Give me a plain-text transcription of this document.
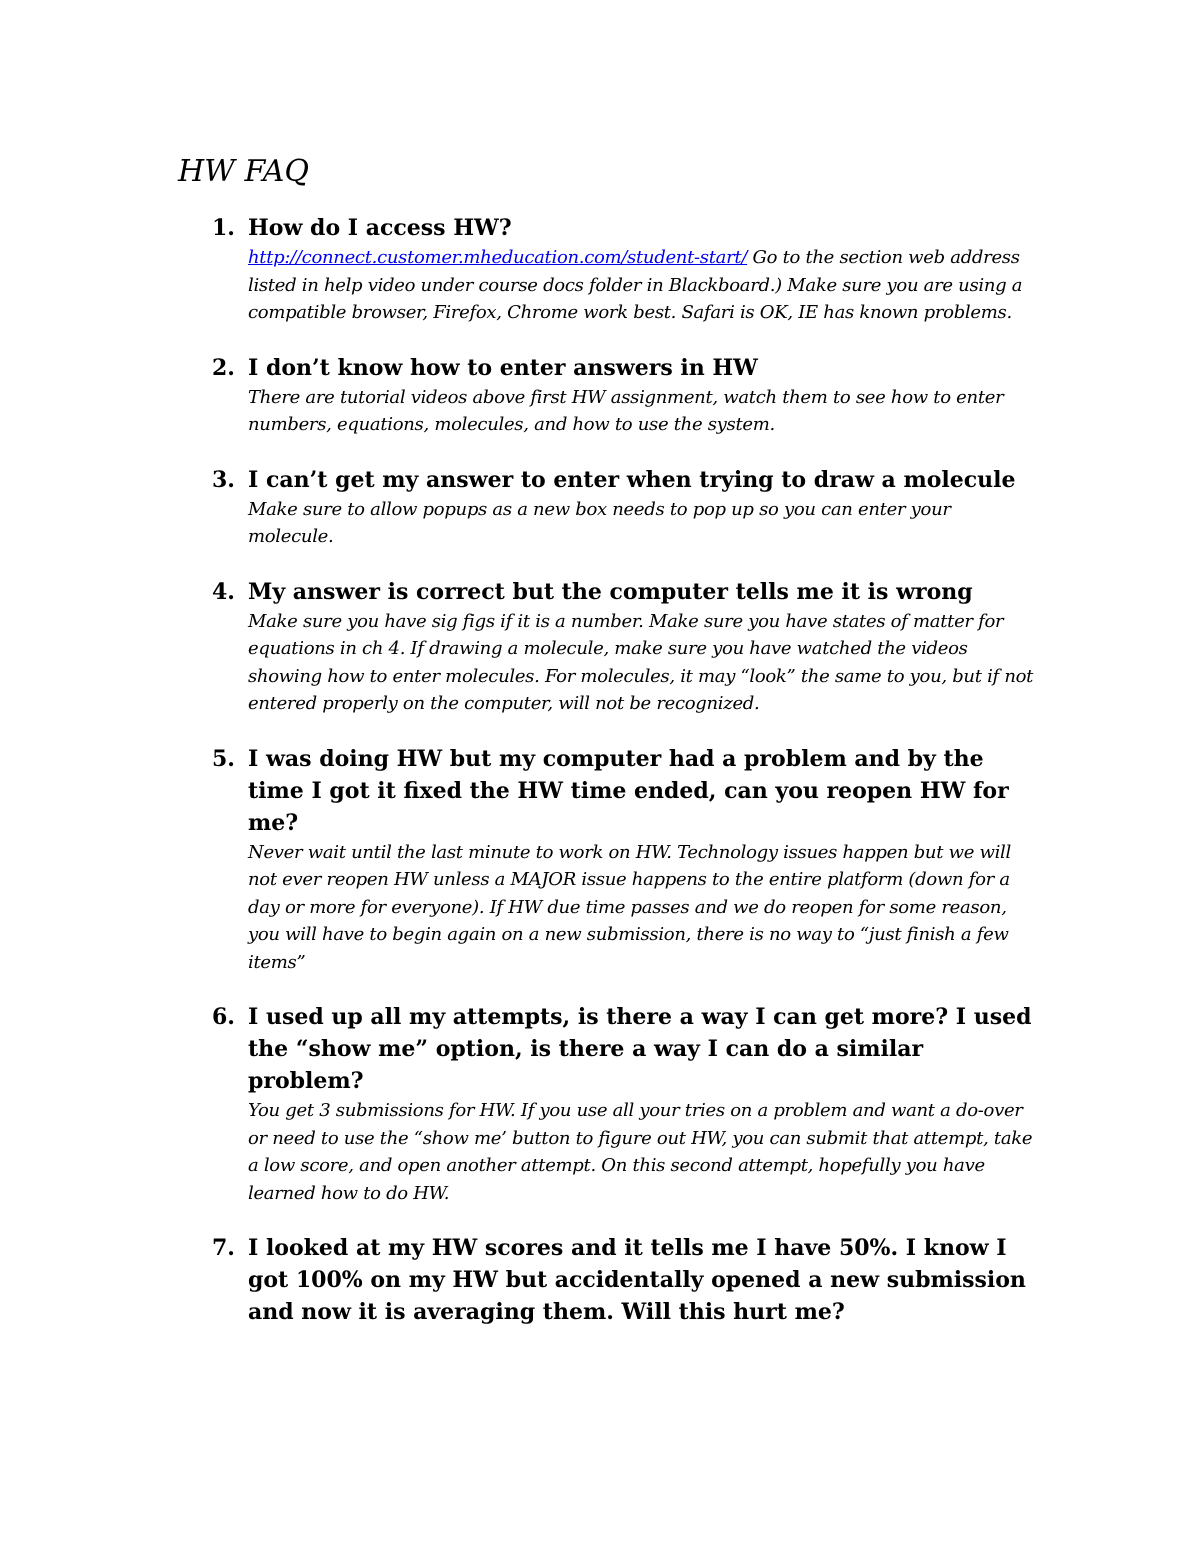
HW FAQ
1. How do I access HW?

http://connect.customer.mheducation.com/student-start/ Go to the section web address listed in help video under course docs folder in Blackboard.) Make sure you are using a compatible browser, Firefox, Chrome work best. Safari is OK, IE has known problems.

2. I don’t know how to enter answers in HW

There are tutorial videos above first HW assignment, watch them to see how to enter numbers, equations, molecules, and how to use the system.

3. I can’t get my answer to enter when trying to draw a molecule

Make sure to allow popups as a new box needs to pop up so you can enter your molecule.

4. My answer is correct but the computer tells me it is wrong

Make sure you have sig figs if it is a number. Make sure you have states of matter for equations in ch 4. If drawing a molecule, make sure you have watched the videos showing how to enter molecules. For molecules, it may “look” the same to you, but if not entered properly on the computer, will not be recognized.

5. I was doing HW but my computer had a problem and by the time I got it fixed the HW time ended, can you reopen HW for me?

Never wait until the last minute to work on HW. Technology issues happen but we will not ever reopen HW unless a MAJOR issue happens to the entire platform (down for a day or more for everyone). If HW due time passes and we do reopen for some reason, you will have to begin again on a new submission, there is no way to “just finish a few items”

6. I used up all my attempts, is there a way I can get more? I used the “show me” option, is there a way I can do a similar problem?

You get 3 submissions for HW. If you use all your tries on a problem and want a do-over or need to use the “show me’ button to figure out HW, you can submit that attempt, take a low score, and open another attempt. On this second attempt, hopefully you have learned how to do HW.

7. I looked at my HW scores and it tells me I have 50%. I know I got 100% on my HW but accidentally opened a new submission and now it is averaging them. Will this hurt me?
